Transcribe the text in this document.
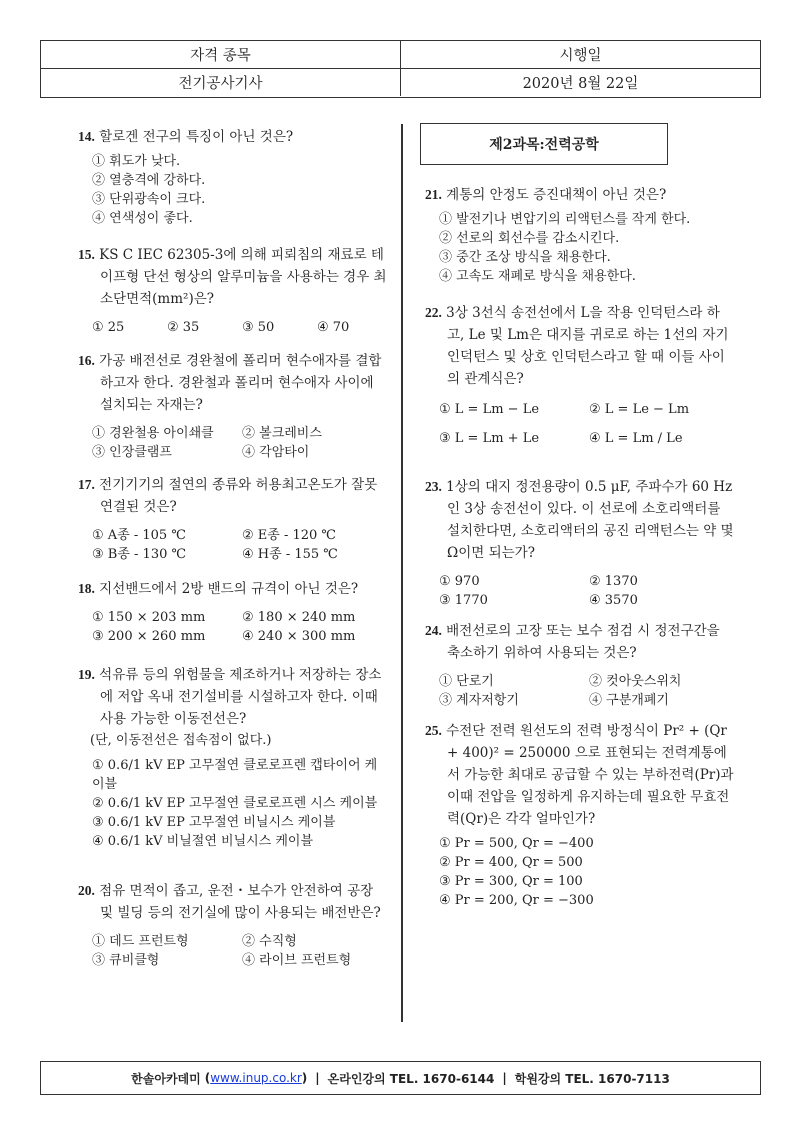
자격 종목	시행일
전기공사기사	2020년 8월 22일
14. 할로겐 전구의 특징이 아닌 것은?
① 휘도가 낮다.
② 열충격에 강하다.
③ 단위광속이 크다.
④ 연색성이 좋다.
15. KS C IEC 62305-3에 의해 피뢰침의 재료로 테이프형 단선 형상의 알루미늄을 사용하는 경우 최소단면적(mm²)은?
① 25	② 35	③ 50	④ 70
16. 가공 배전선로 경완철에 폴리머 현수애자를 결합하고자 한다. 경완철과 폴리머 현수애자 사이에 설치되는 자재는?
① 경완철용 아이쇄클	② 볼크레비스
③ 인장클램프	④ 각암타이
17. 전기기기의 절연의 종류와 허용최고온도가 잘못 연결된 것은?
① A종 - 105 ℃	② E종 - 120 ℃
③ B종 - 130 ℃	④ H종 - 155 ℃
18. 지선밴드에서 2방 밴드의 규격이 아닌 것은?
① 150 × 203 mm	② 180 × 240 mm
③ 200 × 260 mm	④ 240 × 300 mm
19. 석유류 등의 위험물을 제조하거나 저장하는 장소에 저압 옥내 전기설비를 시설하고자 한다. 이때 사용 가능한 이동전선은?
(단, 이동전선은 접속점이 없다.)
① 0.6/1 kV EP 고무절연 클로로프렌 캡타이어 케이블
② 0.6/1 kV EP 고무절연 클로로프렌 시스 케이블
③ 0.6/1 kV EP 고무절연 비닐시스 케이블
④ 0.6/1 kV 비닐절연 비닐시스 케이블
20. 점유 면적이 좁고, 운전・보수가 안전하여 공장 및 빌딩 등의 전기실에 많이 사용되는 배전반은?
① 데드 프런트형	② 수직형
③ 큐비클형	④ 라이브 프런트형
제2과목:전력공학
21. 계통의 안정도 증진대책이 아닌 것은?
① 발전기나 변압기의 리액턴스를 작게 한다.
② 선로의 회선수를 감소시킨다.
③ 중간 조상 방식을 채용한다.
④ 고속도 재폐로 방식을 채용한다.
22. 3상 3선식 송전선에서 L을 작용 인덕턴스라 하고, Le 및 Lm은 대지를 귀로로 하는 1선의 자기 인덕턴스 및 상호 인덕턴스라고 할 때 이들 사이의 관계식은?
① L = Lm − Le	② L = Le − Lm
③ L = Lm + Le	④ L = Lm / Le
23. 1상의 대지 정전용량이 0.5 μF, 주파수가 60 Hz인 3상 송전선이 있다. 이 선로에 소호리액터를 설치한다면, 소호리액터의 공진 리액턴스는 약 몇 Ω이면 되는가?
① 970	② 1370
③ 1770	④ 3570
24. 배전선로의 고장 또는 보수 점검 시 정전구간을 축소하기 위하여 사용되는 것은?
① 단로기	② 컷아웃스위치
③ 계자저항기	④ 구분개폐기
25. 수전단 전력 원선도의 전력 방정식이 Pr² + (Qr + 400)² = 250000 으로 표현되는 전력계통에서 가능한 최대로 공급할 수 있는 부하전력(Pr)과 이때 전압을 일정하게 유지하는데 필요한 무효전력(Qr)은 각각 얼마인가?
① Pr = 500, Qr = −400
② Pr = 400, Qr = 500
③ Pr = 300, Qr = 100
④ Pr = 200, Qr = −300
한솔아카데미 ( www.inup.co.kr ) | 온라인강의 TEL. 1670-6144 | 학원강의 TEL. 1670-7113
